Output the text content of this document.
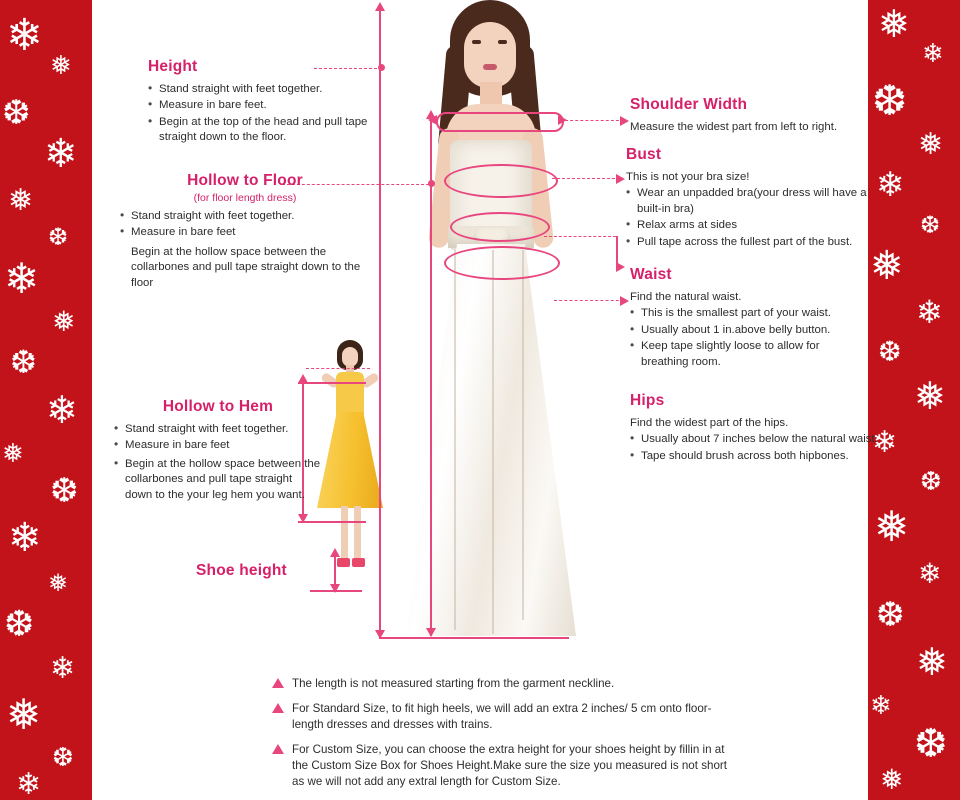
❄
❅
❆
❄
❅
❆
❄
❅
❆
❄
❅
❆
❄
❅
❆
❄
❅
❆
❄
❅
❄
❆
❅
❄
❆
❅
❄
❆
❅
❄
❆
❅
❄
❆
❅
❄
❆
❅
Height
• Stand straight with feet together.
• Measure in bare feet.
• Begin at the top of the head and pull tape straight down to the floor.
Hollow to Floor
(for floor length dress)
• Stand straight with feet together.
• Measure in bare feet
Begin at the hollow space between the collarbones and pull tape straight down to the floor
Hollow to Hem
• Stand straight with feet together.
• Measure in bare feet
• Begin at the hollow space between the collarbones and pull tape straight down to the your leg hem you want.
Shoe height
Shoulder Width
Measure the widest part from left to right.
Bust
This is not your bra size!
• Wear an unpadded bra(your dress will have a built-in bra)
• Relax arms at sides
• Pull tape across the fullest part of the bust.
Waist
Find the natural waist.
• This is the smallest part of your waist.
• Usually about 1 in.above belly button.
• Keep tape slightly loose to allow for breathing room.
Hips
Find the widest part of the hips.
• Usually about 7 inches below the natural waist.
• Tape should brush across both hipbones.
The length is not measured starting from the garment neckline.
For Standard Size, to fit high heels, we will add an extra 2 inches/ 5 cm onto floor-length dresses and dresses with trains.
For Custom Size, you can choose the extra height for your shoes height by fillin in at the Custom Size Box for Shoes Height.Make sure the size you measured is not short as we will not add any extral length for Custom Size.
